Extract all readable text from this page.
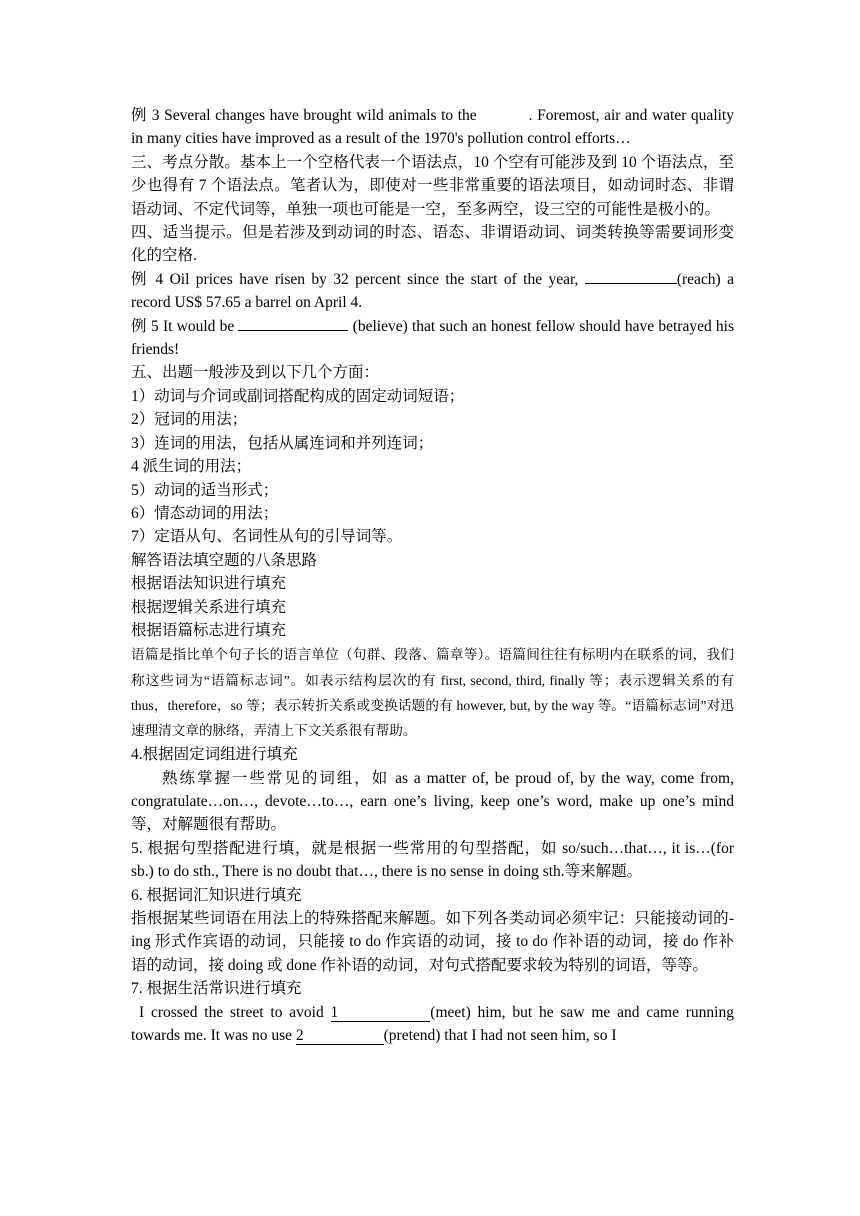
例 3 Several changes have brought wild animals to the	. Foremost, air and water quality in many cities have improved as a result of the 1970's pollution control efforts…

三、考点分散。基本上一个空格代表一个语法点，10 个空有可能涉及到 10 个语法点，至少也得有 7 个语法点。笔者认为，即使对一些非常重要的语法项目，如动词时态、非谓语动词、不定代词等，单独一项也可能是一空，至多两空，设三空的可能性是极小的。

四、适当提示。但是若涉及到动词的时态、语态、非谓语动词、词类转换等需要词形变化的空格.

例 4 Oil prices have risen by 32 percent since the start of the year,	(reach) a record US$ 57.65 a barrel on April 4.

例 5 It would be	(believe) that such an honest fellow should have betrayed his friends!

五、出题一般涉及到以下几个方面：

1）动词与介词或副词搭配构成的固定动词短语；

2）冠词的用法；

3）连词的用法，包括从属连词和并列连词；

4 派生词的用法；

5）动词的适当形式；

6）情态动词的用法；

7）定语从句、名词性从句的引导词等。

解答语法填空题的八条思路

根据语法知识进行填充

根据逻辑关系进行填充

根据语篇标志进行填充

语篇是指比单个句子长的语言单位（句群、段落、篇章等）。语篇间往往有标明内在联系的词，我们称这些词为“语篇标志词”。如表示结构层次的有 first, second, third, finally 等；表示逻辑关系的有 thus，therefore，so 等；表示转折关系或变换话题的有 however, but, by the way 等。“语篇标志词”对迅速理清文章的脉络，弄清上下文关系很有帮助。

4.根据固定词组进行填充

熟练掌握一些常见的词组，如 as a matter of, be proud of, by the way, come from, congratulate…on…, devote…to…, earn one’s living, keep one’s word, make up one’s mind 等，对解题很有帮助。

5. 根据句型搭配进行填，就是根据一些常用的句型搭配，如 so/such…that…, it is…(for sb.) to do sth., There is no doubt that…, there is no sense in doing sth.等来解题。

6. 根据词汇知识进行填充

指根据某些词语在用法上的特殊搭配来解题。如下列各类动词必须牢记：只能接动词的-ing 形式作宾语的动词，只能接 to do 作宾语的动词，接 to do 作补语的动词，接 do 作补语的动词，接 doing 或 done 作补语的动词，对句式搭配要求较为特别的词语，等等。

7. 根据生活常识进行填充

I crossed the street to avoid 1	(meet) him, but he saw me and came running towards me. It was no use 2	(pretend) that I had not seen him, so I
